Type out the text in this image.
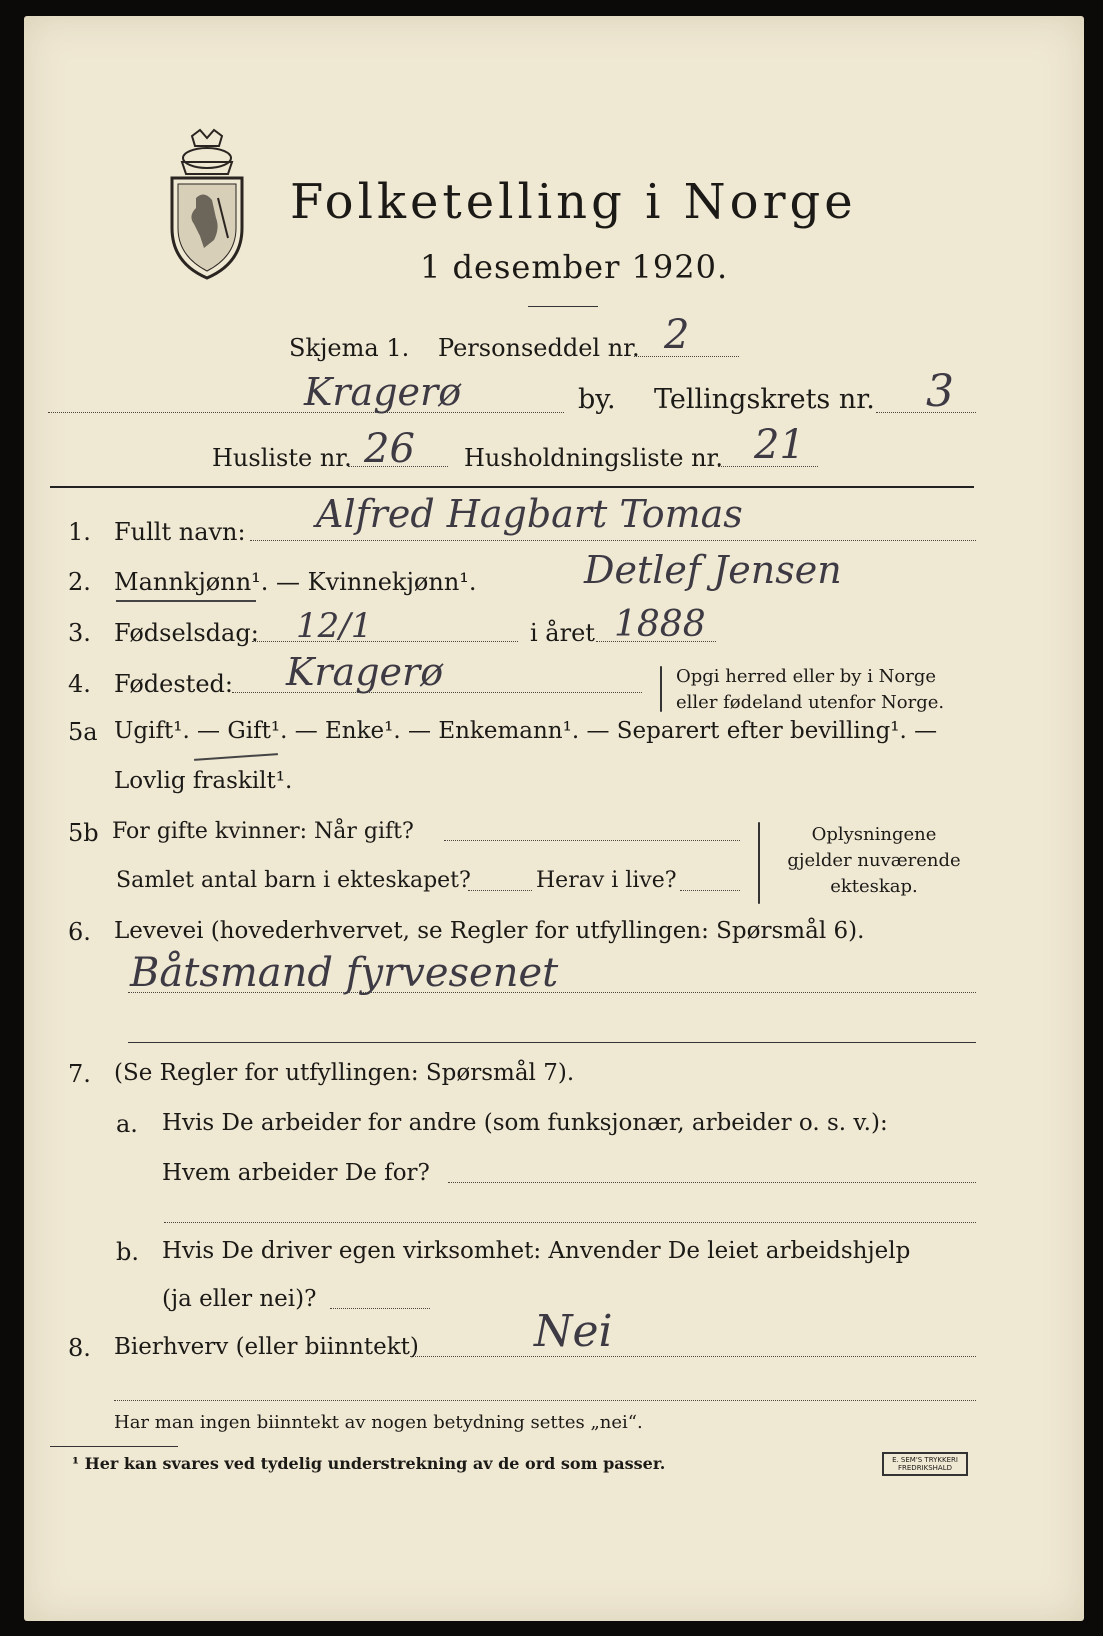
Folketelling i Norge
1 desember 1920.
Skjema 1. Personseddel nr. 2
Kragerø	by. Tellingskrets nr. 3
Husliste nr. 26 Husholdningsliste nr. 21
1. Fullt navn: Alfred Hagbart Tomas
Detlef Jensen
2. Mannkjønn¹. — Kvinnekjønn¹.
3. Fødselsdag: 12/1	i året 1888
4. Fødested: Kragerø	Opgi herred eller by i Norge
eller fødeland utenfor Norge.
5a Ugift¹. — Gift¹. — Enke¹. — Enkemann¹. — Separert efter bevilling¹. —
Lovlig fraskilt¹.
5b For gifte kvinner: Når gift?
Samlet antal barn i ekteskapet?	Herav i live?
Oplysningene
gjelder nuværende
ekteskap.
6. Levevei (hovederhvervet, se Regler for utfyllingen: Spørsmål 6).
Båtsmand fyrvesenet
7. (Se Regler for utfyllingen: Spørsmål 7).
a. Hvis De arbeider for andre (som funksjonær, arbeider o. s. v.):
Hvem arbeider De for?
b. Hvis De driver egen virksomhet: Anvender De leiet arbeidshjelp
(ja eller nei)?
8. Bierhverv (eller biinntekt)	Nei
Har man ingen biinntekt av nogen betydning settes „nei“.
¹ Her kan svares ved tydelig understrekning av de ord som passer.	E. SEM'S TRYKKERI
FREDRIKSHALD
